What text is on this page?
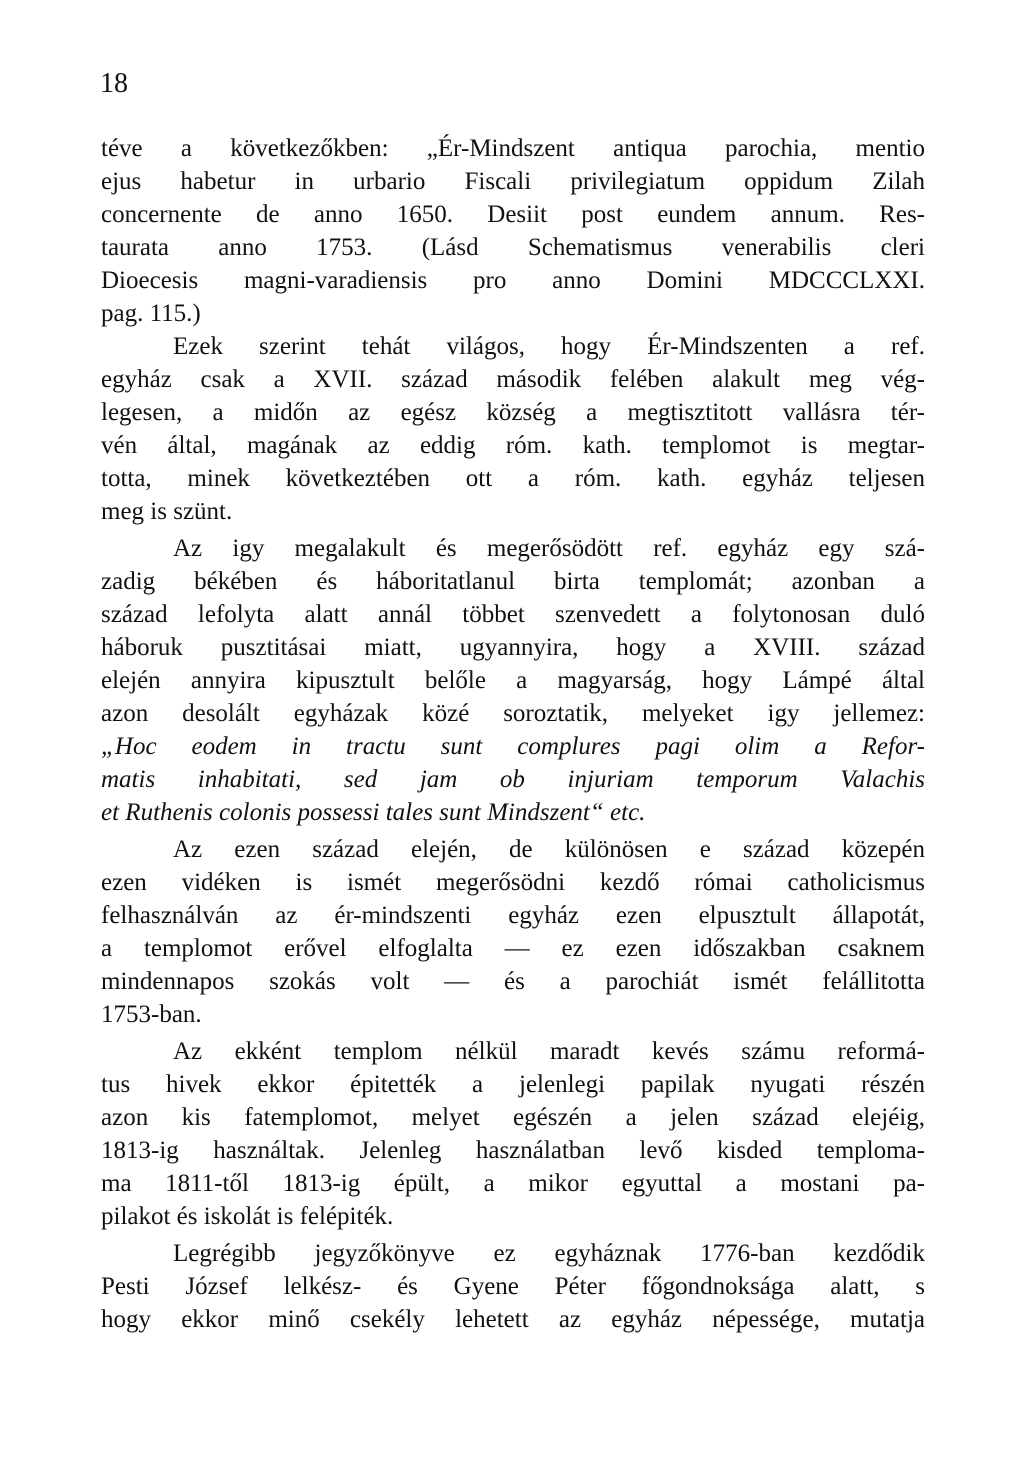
18
téve a következőkben: „Ér-Mindszent antiqua parochia, mentio
ejus habetur in urbario Fiscali privilegiatum oppidum Zilah
concernente de anno 1650. Desiit post eundem annum. Res-
taurata anno 1753. (Lásd Schematismus venerabilis cleri
Dioecesis magni-varadiensis pro anno Domini MDCCCLXXI.
pag. 115.)
Ezek szerint tehát világos, hogy Ér-Mindszenten a ref.
egyház csak a XVII. század második felében alakult meg vég-
legesen, a midőn az egész község a megtisztitott vallásra tér-
vén által, magának az eddig róm. kath. templomot is megtar-
totta, minek következtében ott a róm. kath. egyház teljesen
meg is szünt.
Az igy megalakult és megerősödött ref. egyház egy szá-
zadig békében és háboritatlanul birta templomát; azonban a
század lefolyta alatt annál többet szenvedett a folytonosan duló
háboruk pusztitásai miatt, ugyannyira, hogy a XVIII. század
elején annyira kipusztult belőle a magyarság, hogy Lámpé által
azon desolált egyházak közé soroztatik, melyeket igy jellemez:
„Hoc eodem in tractu sunt complures pagi olim a Refor-
matis inhabitati, sed jam ob injuriam temporum Valachis
et Ruthenis colonis possessi tales sunt Mindszent“ etc.
Az ezen század elején, de különösen e század közepén
ezen vidéken is ismét megerősödni kezdő római catholicismus
felhasználván az ér-mindszenti egyház ezen elpusztult állapotát,
a templomot erővel elfoglalta — ez ezen időszakban csaknem
mindennapos szokás volt — és a parochiát ismét felállitotta
1753-ban.
Az ekként templom nélkül maradt kevés számu reformá-
tus hivek ekkor épitették a jelenlegi papilak nyugati részén
azon kis fatemplomot, melyet egészén a jelen század elejéig,
1813-ig használtak. Jelenleg használatban levő kisded temploma-
ma 1811-től 1813-ig épült, a mikor egyuttal a mostani pa-
pilakot és iskolát is felépiték.
Legrégibb jegyzőkönyve ez egyháznak 1776-ban kezdődik
Pesti József lelkész- és Gyene Péter főgondnoksága alatt, s
hogy ekkor minő csekély lehetett az egyház népessége, mutatja
